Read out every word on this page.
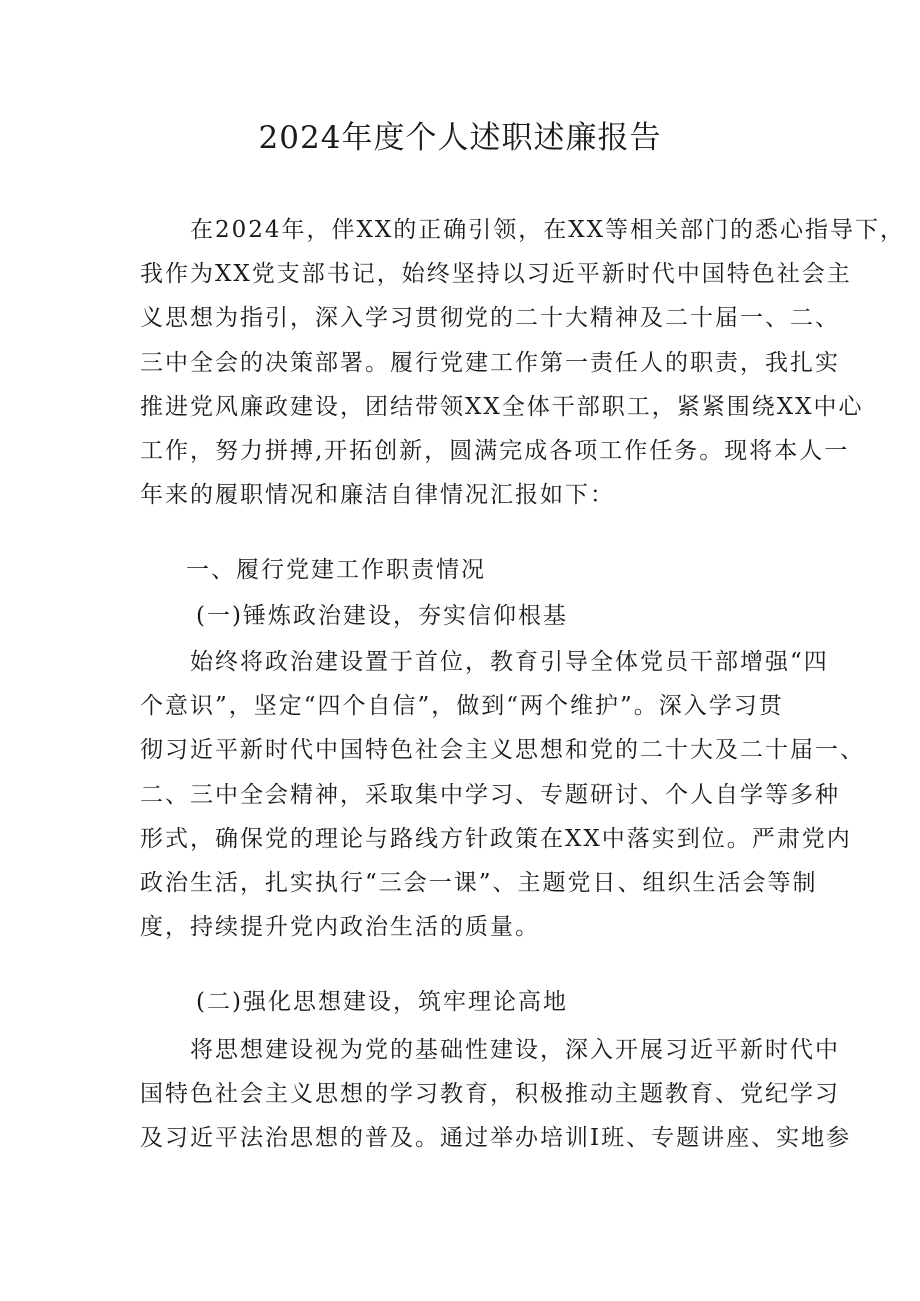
2024年度个人述职述廉报告
　　在2024年，伴XX的正确引领，在XX等相关部门的悉心指导下，
我作为XX党支部书记，始终坚持以习近平新时代中国特色社会主
义思想为指引，深入学习贯彻党的二十大精神及二十届一、二、
三中全会的决策部署。履行党建工作第一责任人的职责，我扎实
推进党风廉政建设，团结带领XX全体干部职工，紧紧围绕XX中心
工作，努力拼搏,开拓创新，圆满完成各项工作任务。现将本人一
年来的履职情况和廉洁自律情况汇报如下：
一、履行党建工作职责情况
(一)锤炼政治建设，夯实信仰根基
　　始终将政治建设置于首位，教育引导全体党员干部增强“四
个意识”，坚定“四个自信”，做到“两个维护”。深入学习贯
彻习近平新时代中国特色社会主义思想和党的二十大及二十届一、
二、三中全会精神，采取集中学习、专题研讨、个人自学等多种
形式，确保党的理论与路线方针政策在XX中落实到位。严肃党内
政治生活，扎实执行“三会一课”、主题党日、组织生活会等制
度，持续提升党内政治生活的质量。
(二)强化思想建设，筑牢理论高地
　　将思想建设视为党的基础性建设，深入开展习近平新时代中
国特色社会主义思想的学习教育，积极推动主题教育、党纪学习
及习近平法治思想的普及。通过举办培训I班、专题讲座、实地参
